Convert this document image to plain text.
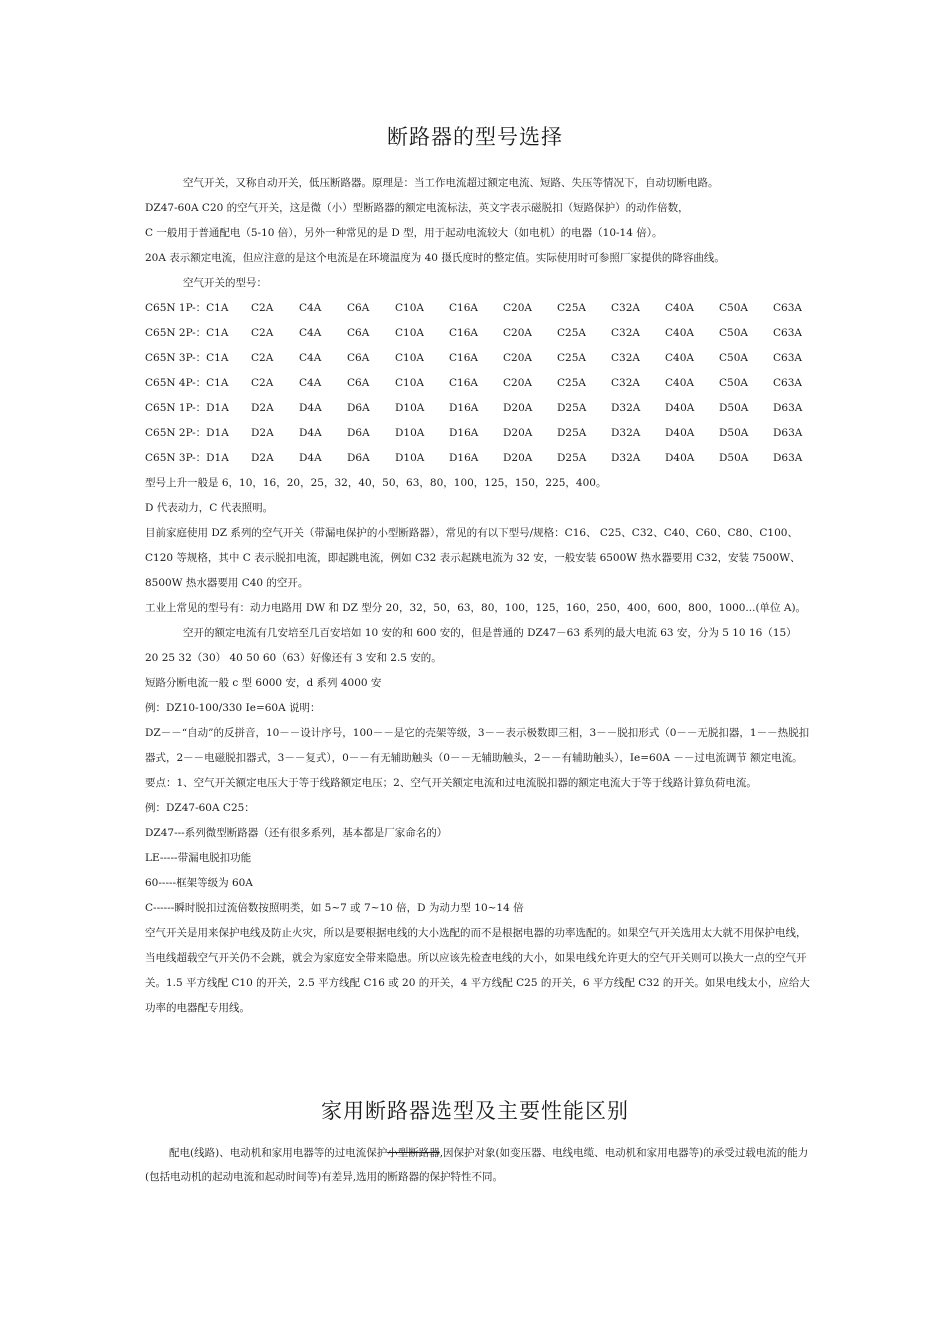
断路器的型号选择
空气开关，又称自动开关，低压断路器。原理是：当工作电流超过额定电流、短路、失压等情况下，自动切断电路。
DZ47-60A C20 的空气开关，这是微（小）型断路器的额定电流标法，英文字表示磁脱扣（短路保护）的动作倍数，
C 一般用于普通配电（5-10 倍），另外一种常见的是 D 型，用于起动电流较大（如电机）的电器（10-14 倍）。
20A 表示额定电流，但应注意的是这个电流是在环境温度为 40 摄氏度时的整定值。实际使用时可参照厂家提供的降容曲线。
空气开关的型号：
C65N 1P-：C1A	C2A	C4A	C6A	C10A	C16A	C20A	C25A	C32A	C40A	C50A	C63A
C65N 2P-：C1A	C2A	C4A	C6A	C10A	C16A	C20A	C25A	C32A	C40A	C50A	C63A
C65N 3P-：C1A	C2A	C4A	C6A	C10A	C16A	C20A	C25A	C32A	C40A	C50A	C63A
C65N 4P-：C1A	C2A	C4A	C6A	C10A	C16A	C20A	C25A	C32A	C40A	C50A	C63A
C65N 1P-：D1A	D2A	D4A	D6A	D10A	D16A	D20A	D25A	D32A	D40A	D50A	D63A
C65N 2P-：D1A	D2A	D4A	D6A	D10A	D16A	D20A	D25A	D32A	D40A	D50A	D63A
C65N 3P-：D1A	D2A	D4A	D6A	D10A	D16A	D20A	D25A	D32A	D40A	D50A	D63A
型号上升一般是 6，10，16，20，25，32，40，50，63，80，100，125，150，225，400。
D 代表动力，C 代表照明。

目前家庭使用 DZ 系列的空气开关（带漏电保护的小型断路器），常见的有以下型号/规格：C16、 C25、C32、C40、C60、C80、C100、C120 等规格，其中 C 表示脱扣电流，即起跳电流，例如 C32 表示起跳电流为 32 安，一般安装 6500W 热水器要用 C32，安装 7500W、8500W 热水器要用 C40 的空开。

工业上常见的型号有：动力电路用 DW 和 DZ 型分 20，32，50，63，80，100，125，160，250，400，600，800，1000...(单位 A)。

空开的额定电流有几安培至几百安培如 10 安的和 600 安的，但是普通的 DZ47－63 系列的最大电流 63 安，分为 5 10 16（15） 20 25 32（30） 40 50 60（63）好像还有 3 安和 2.5 安的。

短路分断电流一般 c 型 6000 安，d 系列 4000 安
例：DZ10-100/330 Ie=60A 说明：

DZ－－“自动”的反拼音，10－－设计序号，100－－是它的壳架等级，3－－表示极数即三相，3－－脱扣形式（0－－无脱扣器，1－－热脱扣器式，2－－电磁脱扣器式，3－－复式），0－－有无辅助触头（0－－无辅助触头，2－－有辅助触头），Ie=60A －－过电流调节 额定电流。

要点：1、空气开关额定电压大于等于线路额定电压；2、空气开关额定电流和过电流脱扣器的额定电流大于等于线路计算负荷电流。

例：DZ47-60A C25：
DZ47---系列微型断路器（还有很多系列，基本都是厂家命名的）
LE-----带漏电脱扣功能
60-----框架等级为 60A
C------瞬时脱扣过流倍数按照明类，如 5~7 或 7~10 倍，D 为动力型 10~14 倍

空气开关是用来保护电线及防止火灾，所以是要根据电线的大小选配的而不是根据电器的功率选配的。如果空气开关选用太大就不用保护电线，当电线超载空气开关仍不会跳，就会为家庭安全带来隐患。所以应该先检查电线的大小，如果电线允许更大的空气开关则可以换大一点的空气开关。1.5 平方线配 C10 的开关，2.5 平方线配 C16 或 20 的开关，4 平方线配 C25 的开关，6 平方线配 C32 的开关。如果电线太小，应给大功率的电器配专用线。

家用断路器选型及主要性能区别

配电(线路)、电动机和家用电器等的过电流保护小型断路器,因保护对象(如变压器、电线电缆、电动机和家用电器等)的承受过载电流的能力(包括电动机的起动电流和起动时间等)有差异,选用的断路器的保护特性不同。
